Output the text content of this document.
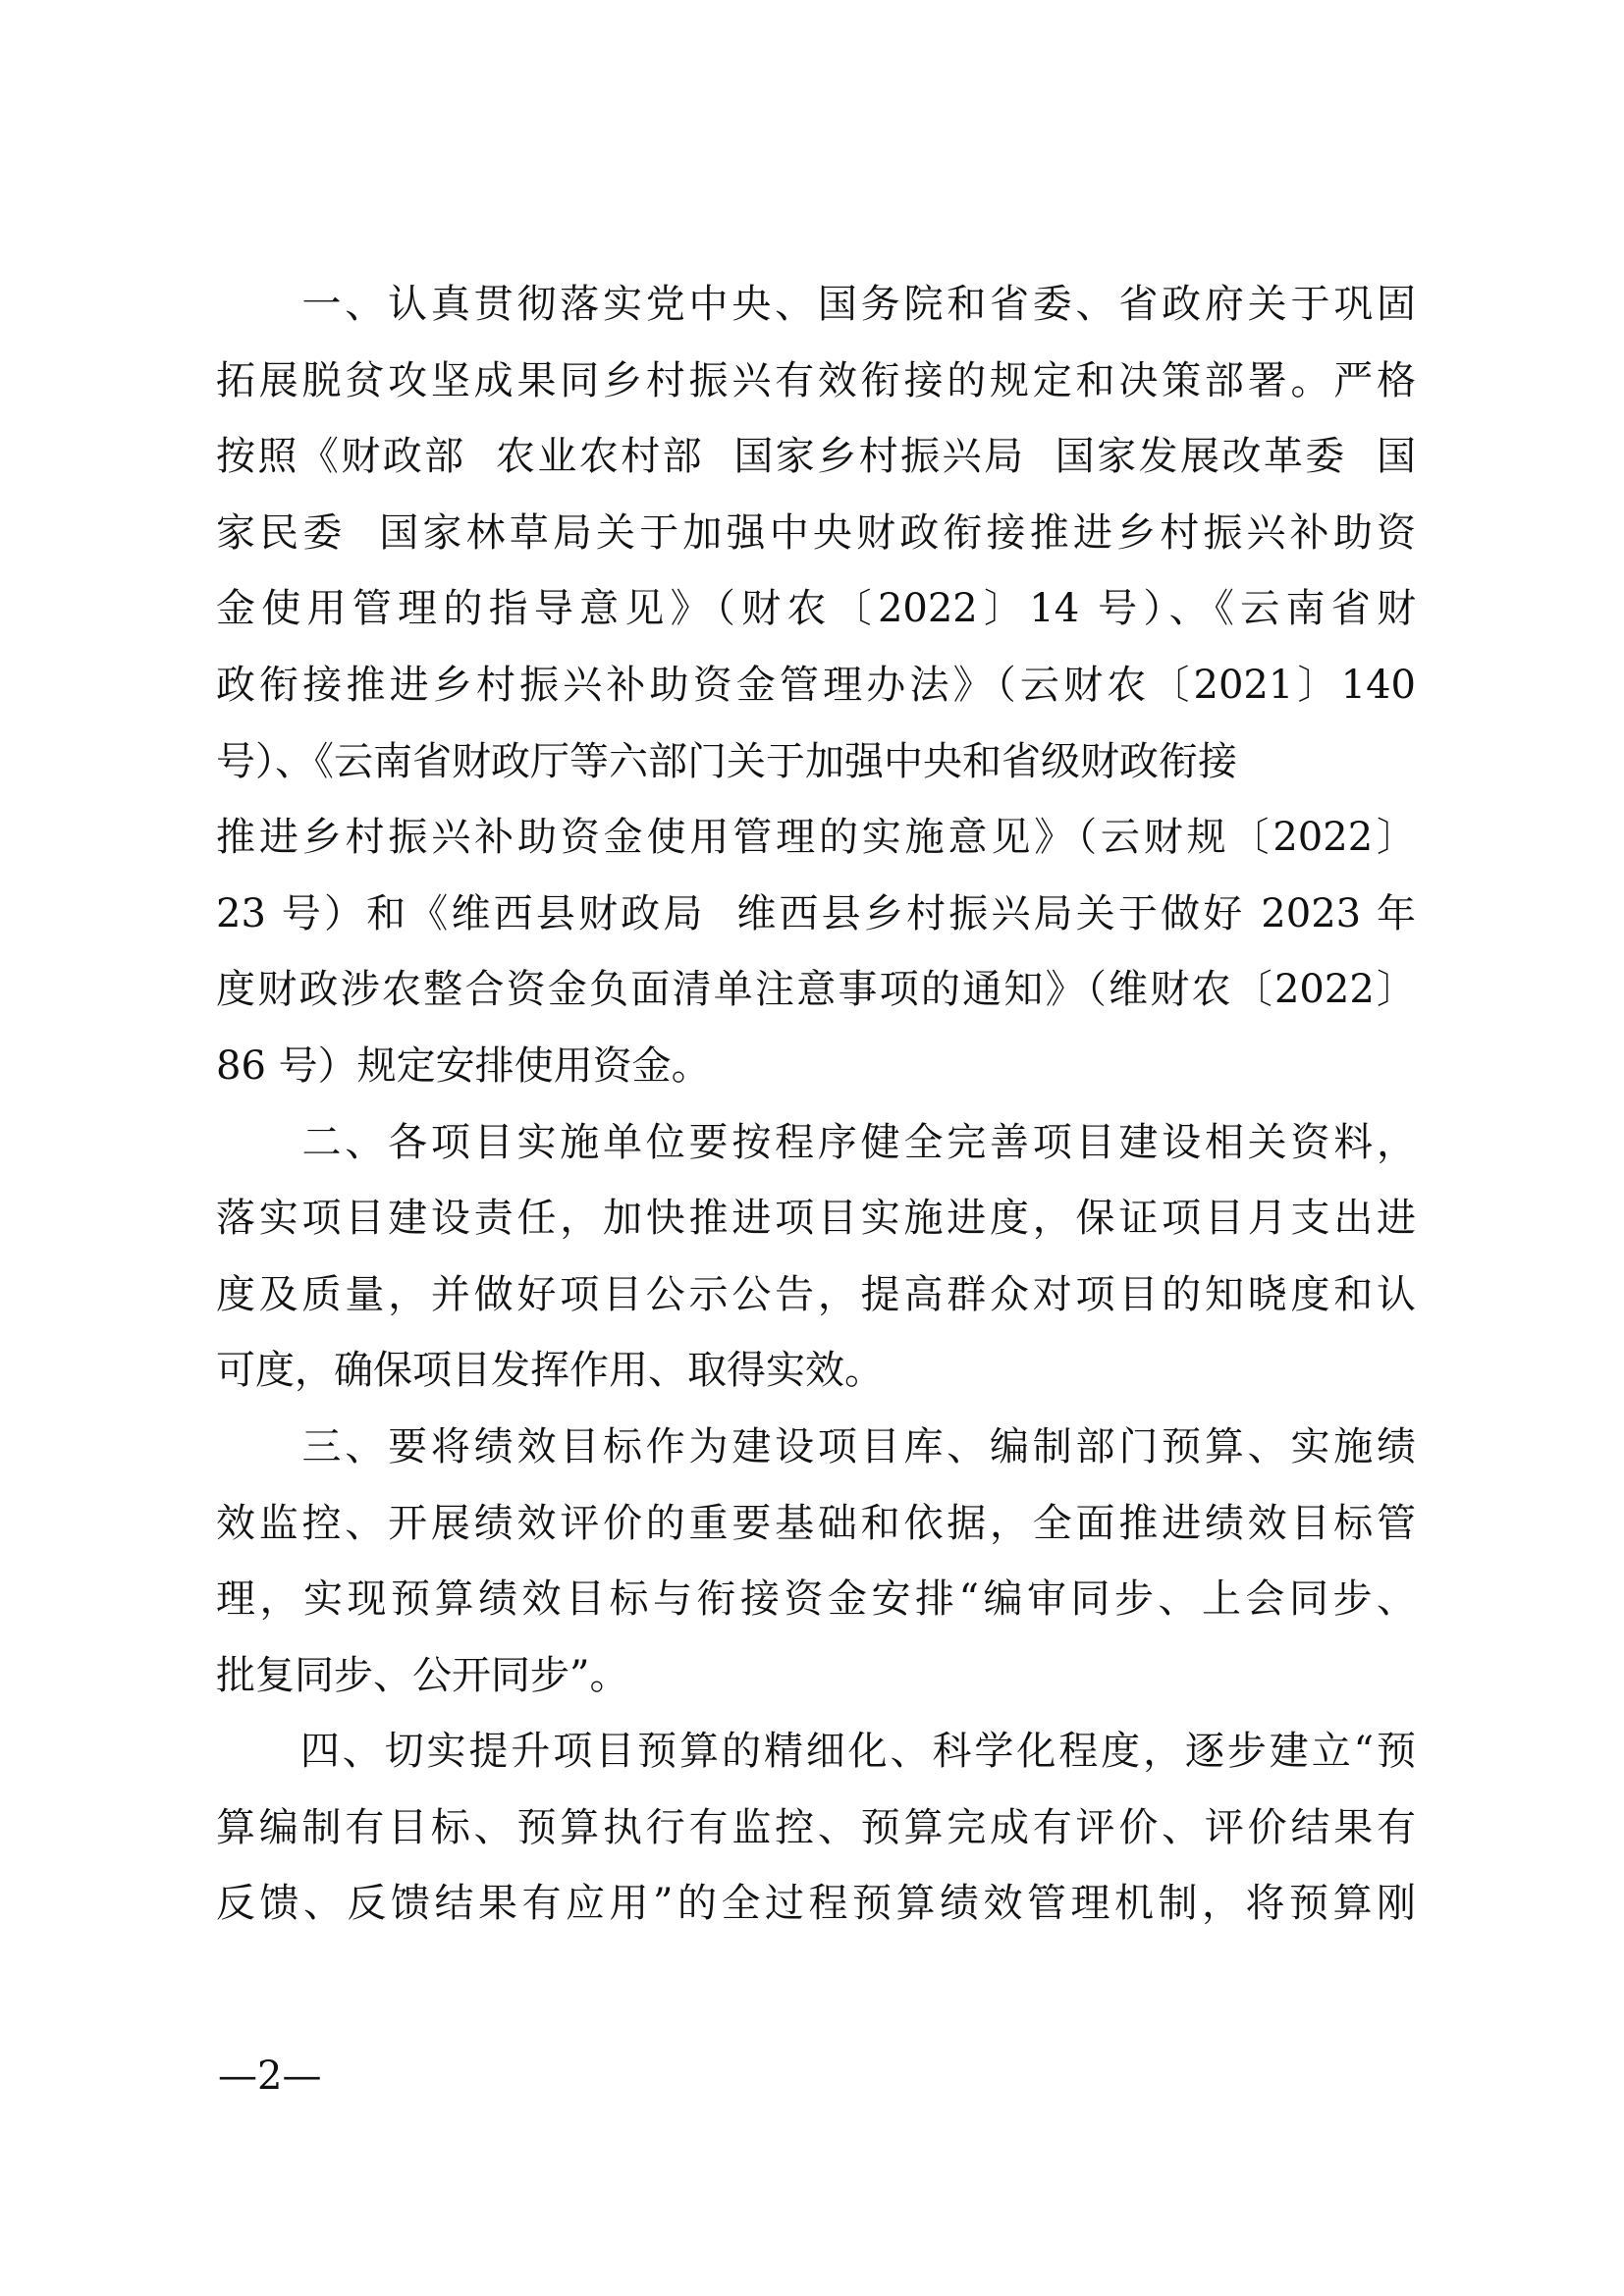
　　一、认真贯彻落实党中央、国务院和省委、省政府关于巩固
拓展脱贫攻坚成果同乡村振兴有效衔接的规定和决策部署。严格
按照《财政部  农业农村部  国家乡村振兴局  国家发展改革委  国
家民委  国家林草局关于加强中央财政衔接推进乡村振兴补助资
金使用管理的指导意见》（财农〔2022〕14 号）、《云南省财
政衔接推进乡村振兴补助资金管理办法》（云财农〔2021〕140
号）、《云南省财政厅等六部门关于加强中央和省级财政衔接
推进乡村振兴补助资金使用管理的实施意见》（云财规〔2022〕
23 号）和《维西县财政局  维西县乡村振兴局关于做好 2023 年
度财政涉农整合资金负面清单注意事项的通知》（维财农〔2022〕
86 号）规定安排使用资金。
　　二、各项目实施单位要按程序健全完善项目建设相关资料，
落实项目建设责任，加快推进项目实施进度，保证项目月支出进
度及质量，并做好项目公示公告，提高群众对项目的知晓度和认
可度，确保项目发挥作用、取得实效。
　　三、要将绩效目标作为建设项目库、编制部门预算、实施绩
效监控、开展绩效评价的重要基础和依据，全面推进绩效目标管
理，实现预算绩效目标与衔接资金安排“编审同步、上会同步、
批复同步、公开同步”。
　　四、切实提升项目预算的精细化、科学化程度，逐步建立“预
算编制有目标、预算执行有监控、预算完成有评价、评价结果有
反馈、反馈结果有应用”的全过程预算绩效管理机制，将预算刚
—2—
